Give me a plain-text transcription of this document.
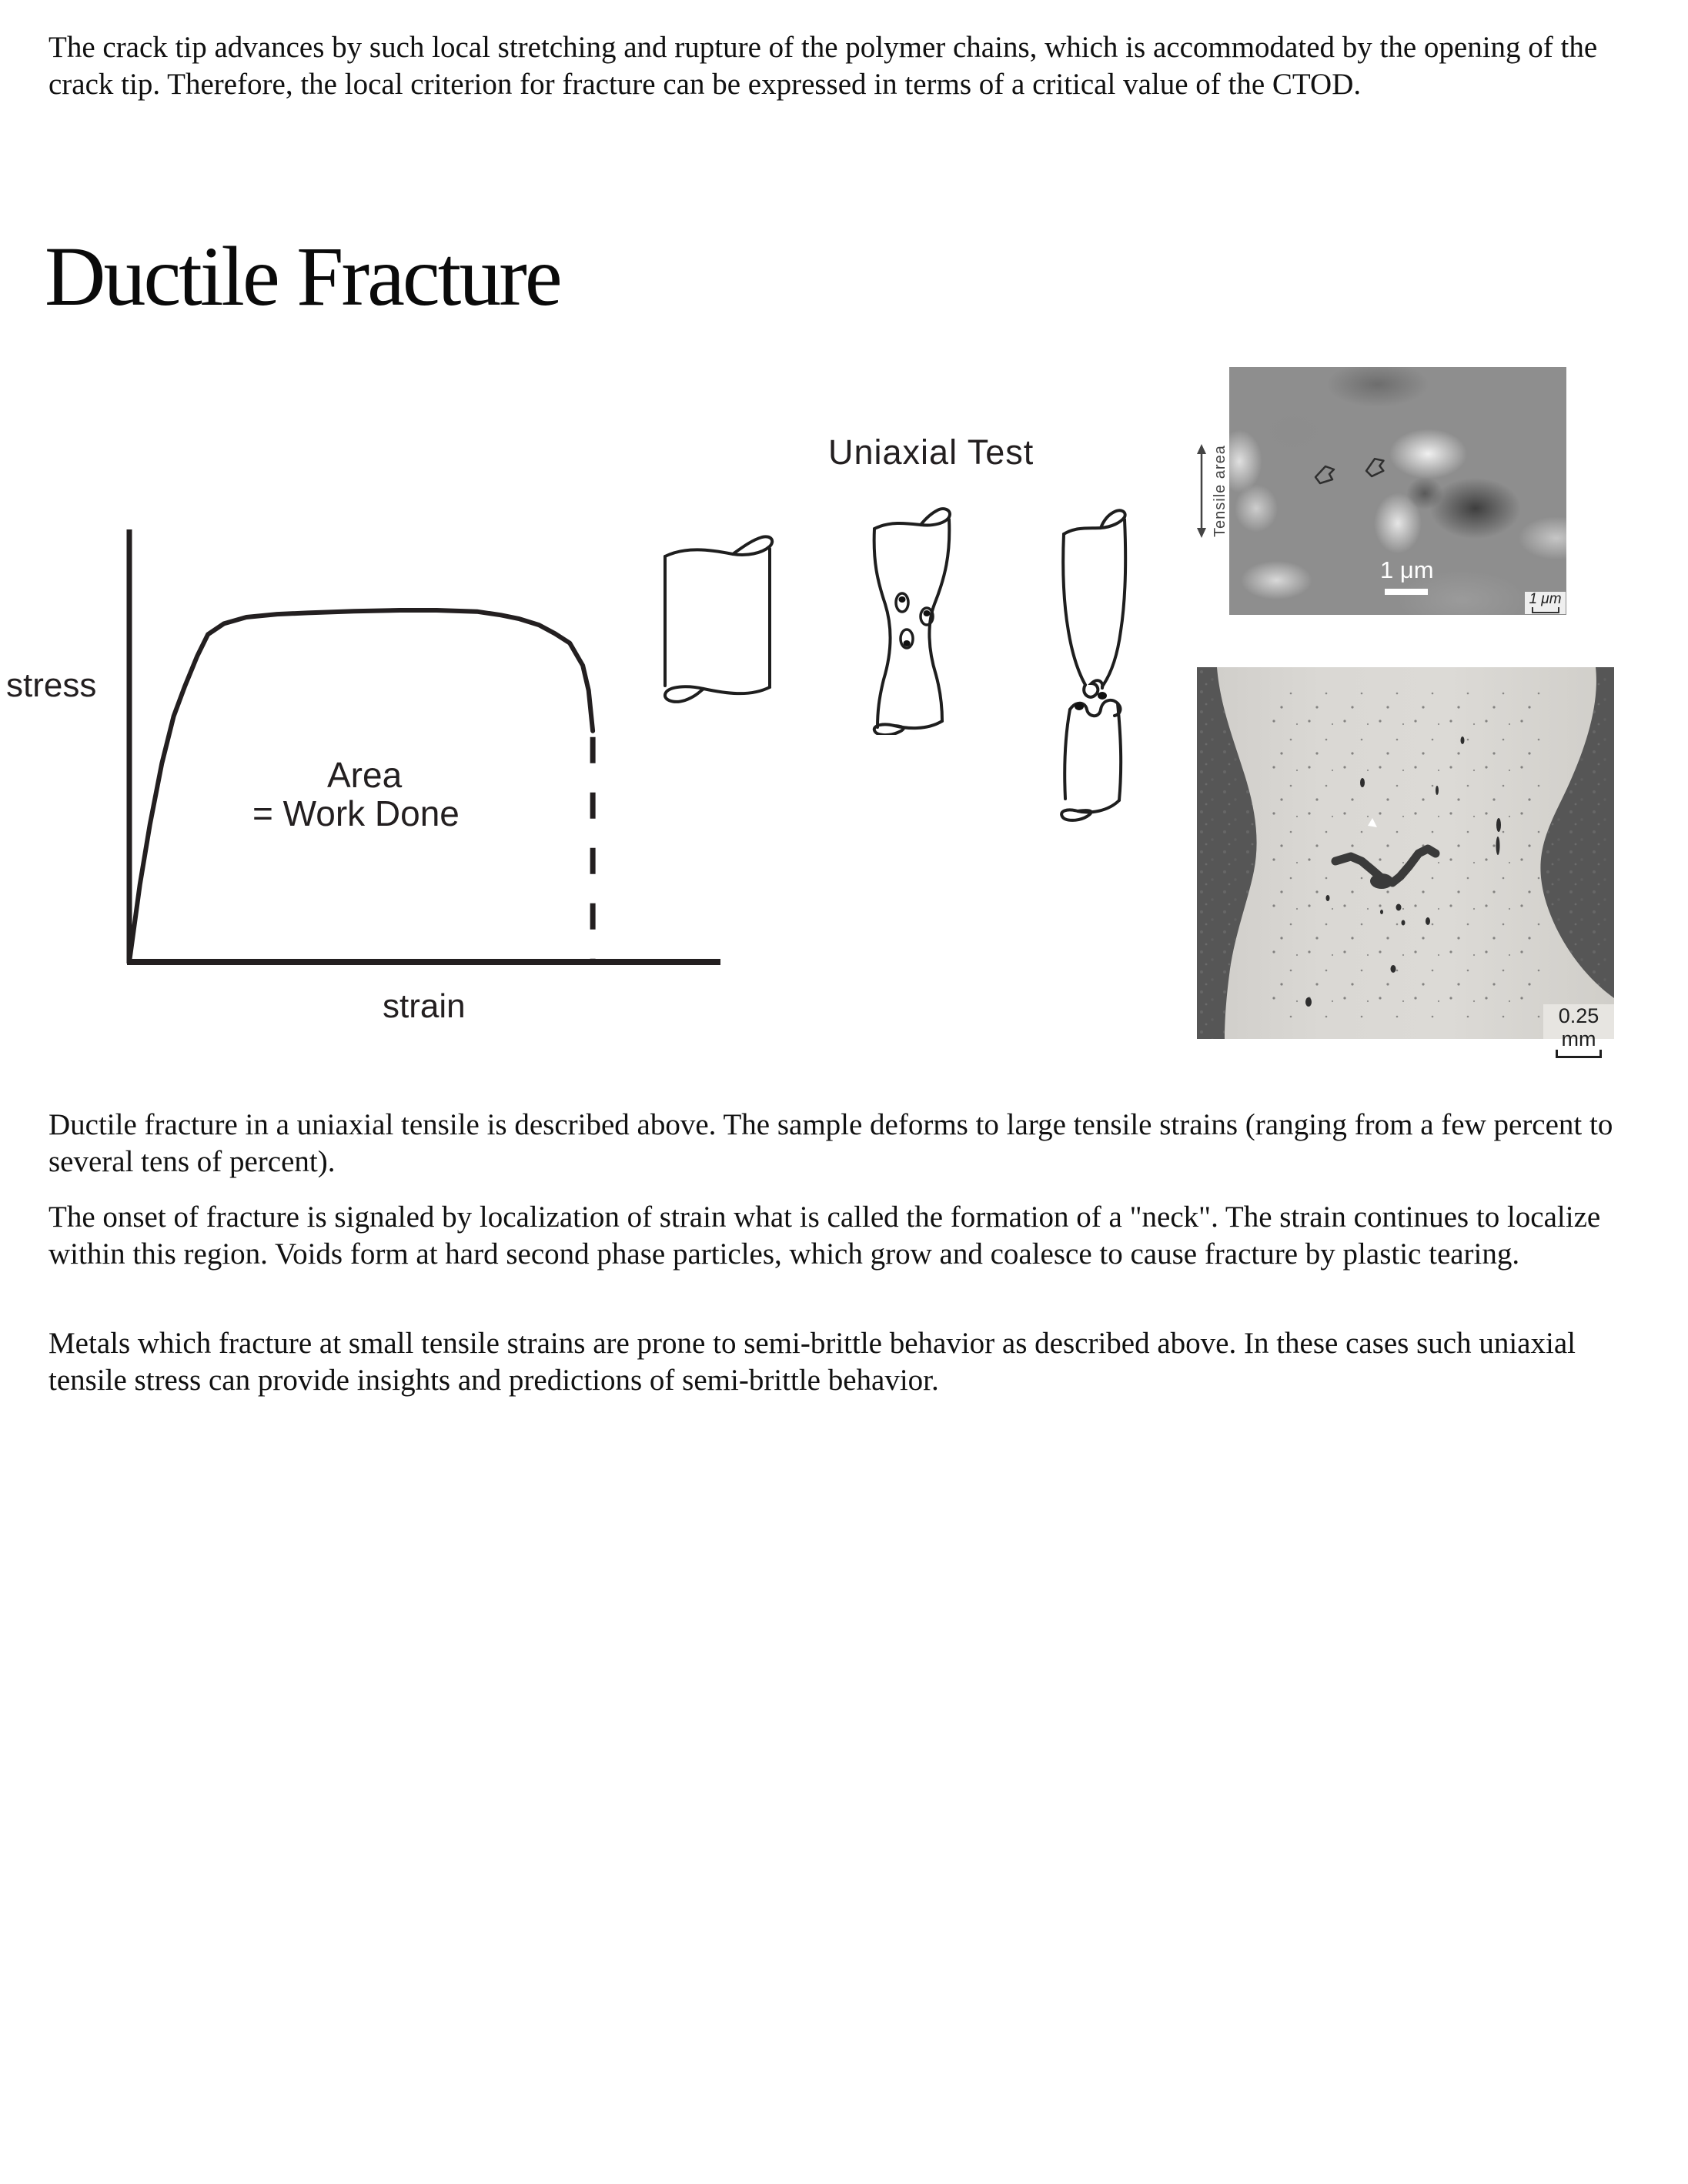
The crack tip advances by such local stretching and rupture of the polymer chains, which is accommodated by the opening of the crack tip. Therefore, the local criterion for fracture can be expressed in terms of a critical value of the CTOD.
Ductile Fracture
Uniaxial Test
stress
strain
Area
= Work Done
Tensile area
1 μm
1 μm
0.25 mm
Ductile fracture in a uniaxial tensile is described above. The sample deforms to large tensile strains (ranging from a few percent to several tens of percent).
The onset of fracture is signaled by localization of strain what is called the formation of a "neck". The strain continues to localize within this region. Voids form at hard second phase particles, which grow and coalesce to cause fracture by plastic tearing.
Metals which fracture at small tensile strains are prone to semi-brittle behavior as described above. In these cases such uniaxial tensile stress can provide insights and predictions of semi-brittle behavior.
